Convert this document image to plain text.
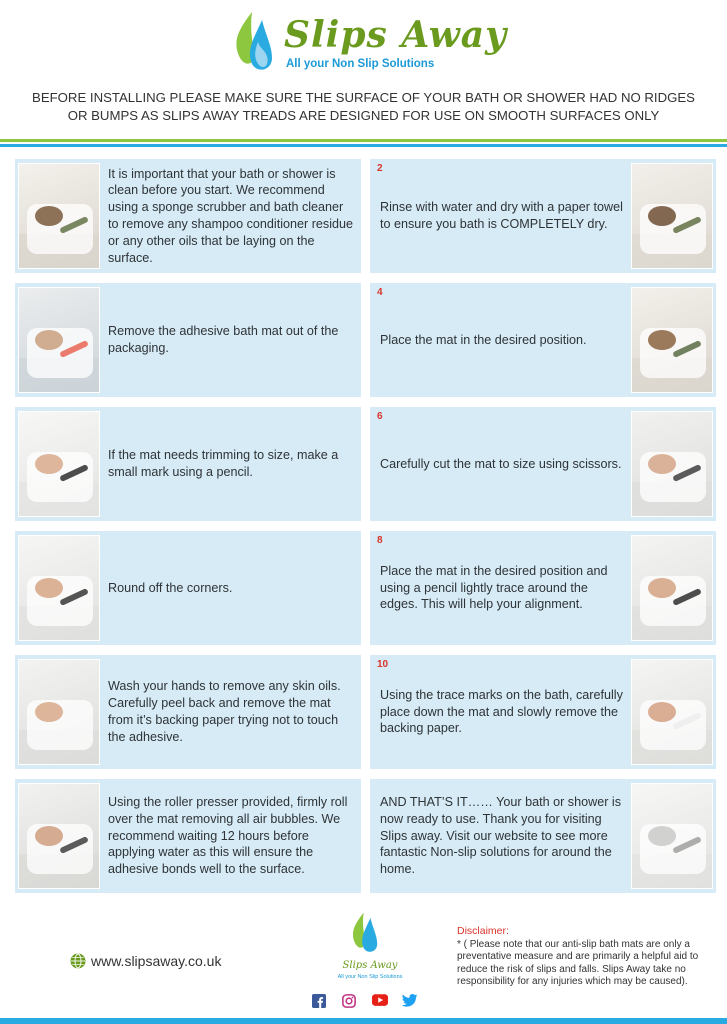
Slips Away
All your Non Slip Solutions
BEFORE INSTALLING PLEASE MAKE SURE THE SURFACE OF YOUR BATH OR SHOWER HAD NO RIDGES
OR BUMPS AS SLIPS AWAY TREADS ARE DESIGNED FOR USE ON SMOOTH SURFACES ONLY
It is important that your bath or shower is clean before you start. We recommend using a sponge scrubber and bath cleaner to remove any shampoo conditioner residue or any other oils that be laying on the surface.
2
Rinse with water and dry with a paper towel to ensure you bath is COMPLETELY dry.
Remove the adhesive bath mat out of the packaging.
4
Place the mat in the desired position.
If the mat needs trimming to size, make a small mark using a pencil.
6
Carefully cut the mat to size using scissors.
Round off the corners.
8
Place the mat in the desired position and using a pencil lightly trace around the edges. This will help your alignment.
Wash your hands to remove any skin oils. Carefully peel back and remove the mat from it’s backing paper trying not to touch the adhesive.
10
Using the trace marks on the bath, carefully place down the mat and slowly remove the backing paper.
Using the roller presser provided, firmly roll over the mat removing all air bubbles. We recommend waiting 12 hours before applying water as this will ensure the adhesive bonds well to the surface.
AND THAT’S IT…… Your bath or shower is now ready to use. Thank you for visiting Slips away. Visit our website to see more fantastic Non-slip solutions for around the home.
www.slipsaway.co.uk	Slips Away
All your Non Slip Solutions
Disclaimer:
* ( Please note that our anti-slip bath mats are only a preventative measure and are primarily a helpful aid to reduce the risk of slips and falls. Slips Away take no responsibility for any injuries which may be caused).
